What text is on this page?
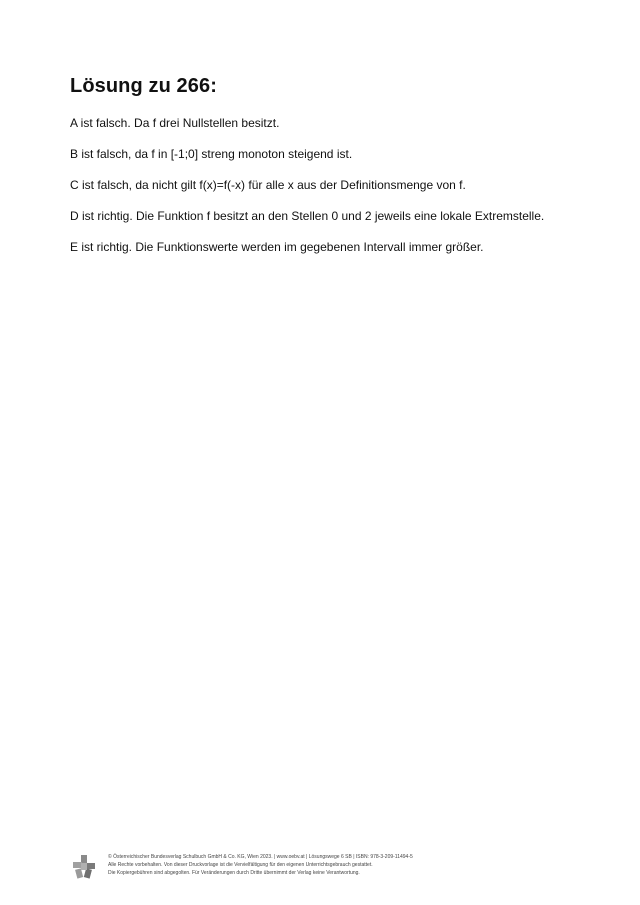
Lösung zu 266:
A ist falsch. Da f drei Nullstellen besitzt.
B ist falsch, da f in [-1;0] streng monoton steigend ist.
C ist falsch, da nicht gilt f(x)=f(-x) für alle x aus der Definitionsmenge von f.
D ist richtig. Die Funktion f besitzt an den Stellen 0 und 2 jeweils eine lokale Extremstelle.
E ist richtig. Die Funktionswerte werden im gegebenen Intervall immer größer.
© Österreichischer Bundesverlag Schulbuch GmbH & Co. KG, Wien 2023. | www.oebv.at | Lösungswege 6 SB | ISBN: 978-3-209-11494-5
Alle Rechte vorbehalten. Von dieser Druckvorlage ist die Vervielfältigung für den eigenen Unterrichtsgebrauch gestattet.
Die Kopiergebühren sind abgegolten. Für Veränderungen durch Dritte übernimmt der Verlag keine Verantwortung.
